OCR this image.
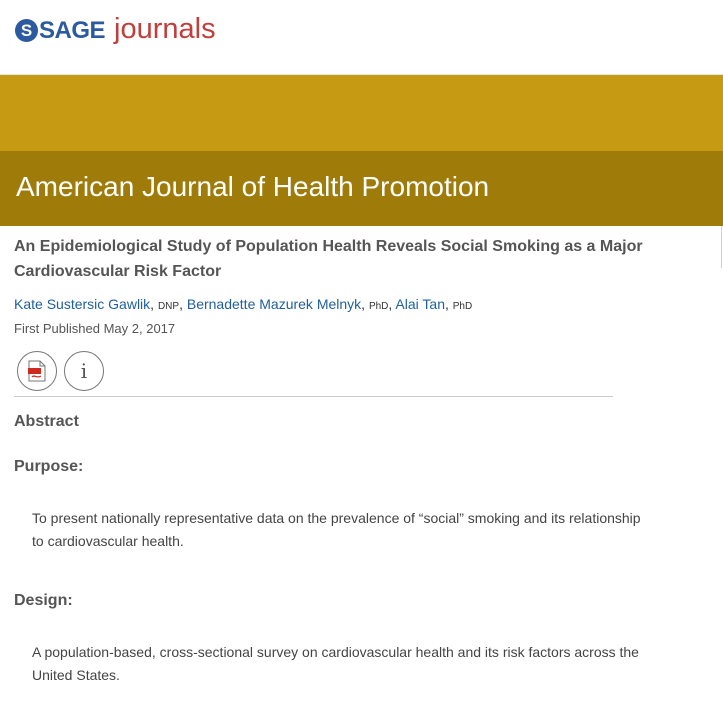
S SAGE journals
American Journal of Health Promotion
An Epidemiological Study of Population Health Reveals Social Smoking as a Major Cardiovascular Risk Factor
Kate Sustersic Gawlik, DNP, Bernadette Mazurek Melnyk, PhD, Alai Tan, PhD
First Published May 2, 2017
i
Abstract
Purpose:

To present nationally representative data on the prevalence of “social” smoking and its relationship to cardiovascular health.

Design:

A population-based, cross-sectional survey on cardiovascular health and its risk factors across the United States.
